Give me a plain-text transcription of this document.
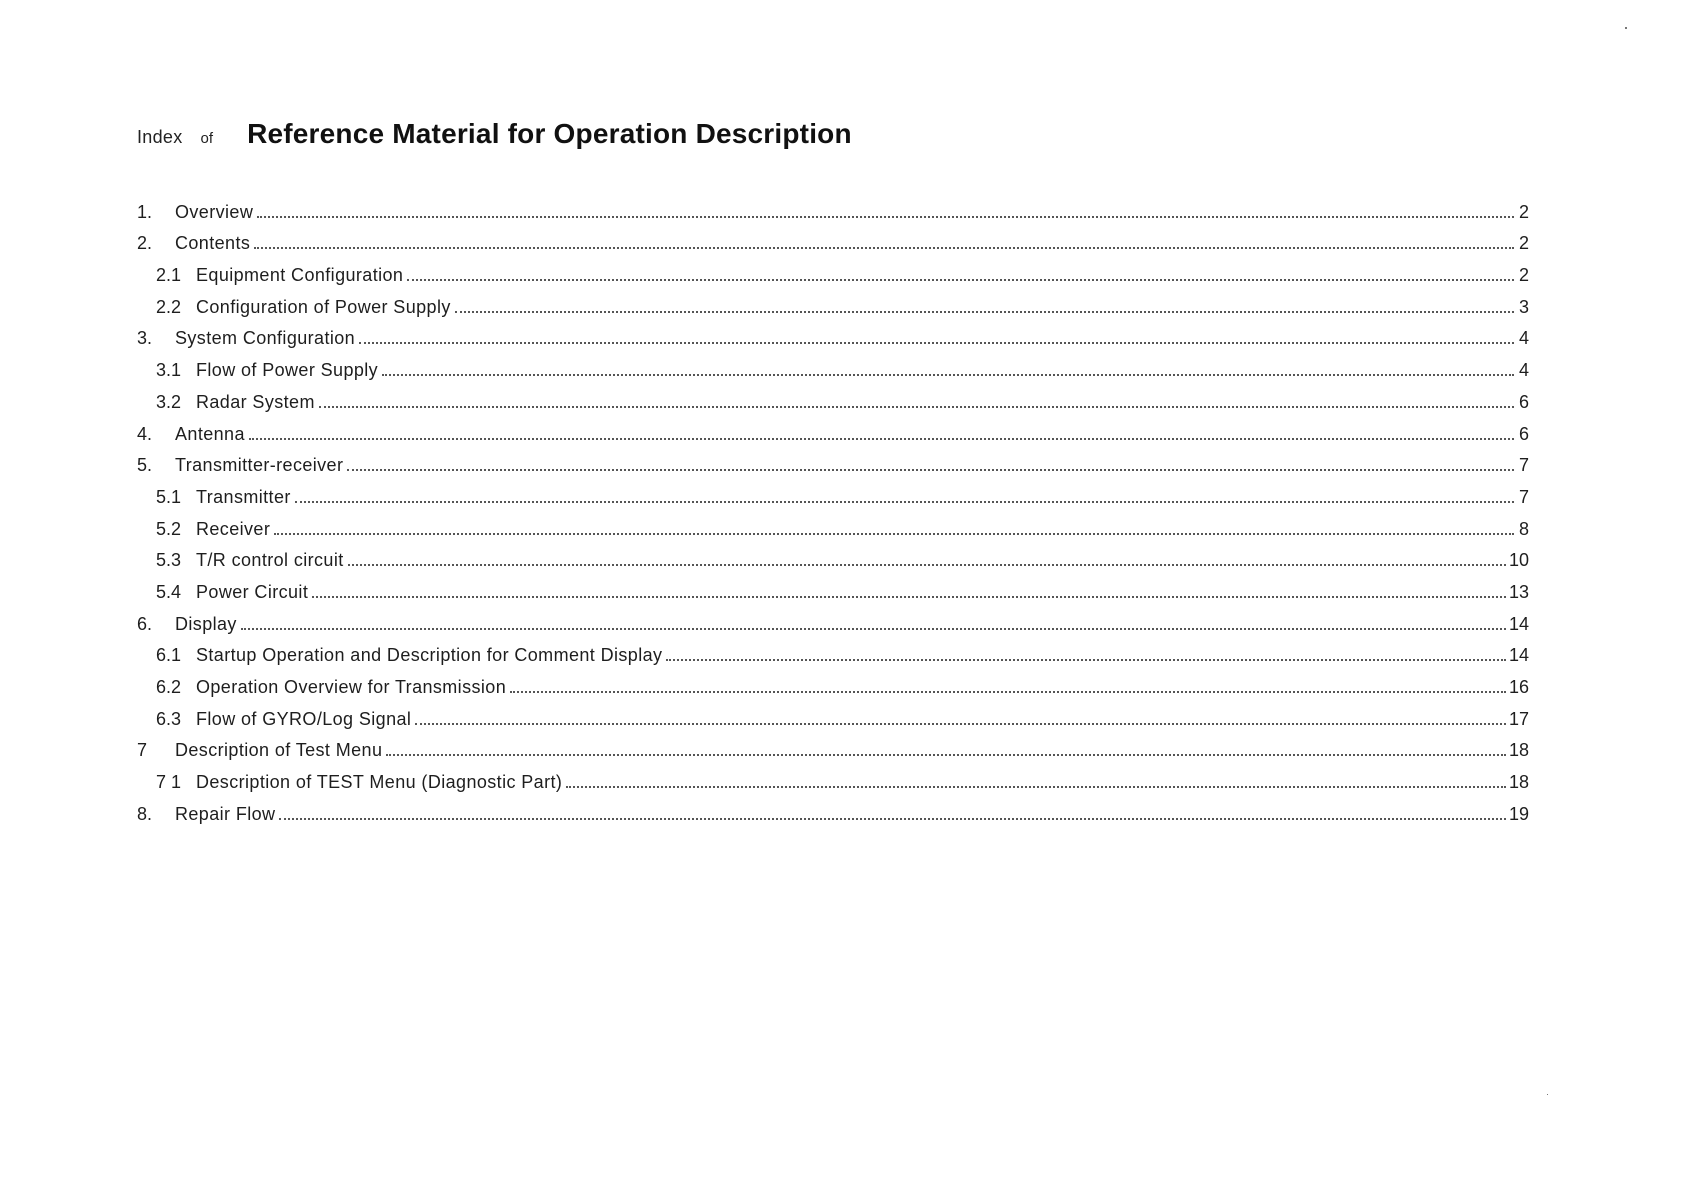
Index of Reference Material for Operation Description
1.	Overview	2
2.	Contents	2
2.1 Equipment Configuration	2
2.2 Configuration of Power Supply	3
3.	System Configuration	4
3.1 Flow of Power Supply	4
3.2 Radar System	6
4.	Antenna	6
5.	Transmitter-receiver	7
5.1 Transmitter	7
5.2 Receiver	8
5.3 T/R control circuit	10
5.4 Power Circuit	13
6.	Display	14
6.1 Startup Operation and Description for Comment Display	14
6.2 Operation Overview for Transmission	16
6.3 Flow of GYRO/Log Signal	17
7	Description of Test Menu	18
7 1 Description of TEST Menu (Diagnostic Part)	18
8.	Repair Flow	19
